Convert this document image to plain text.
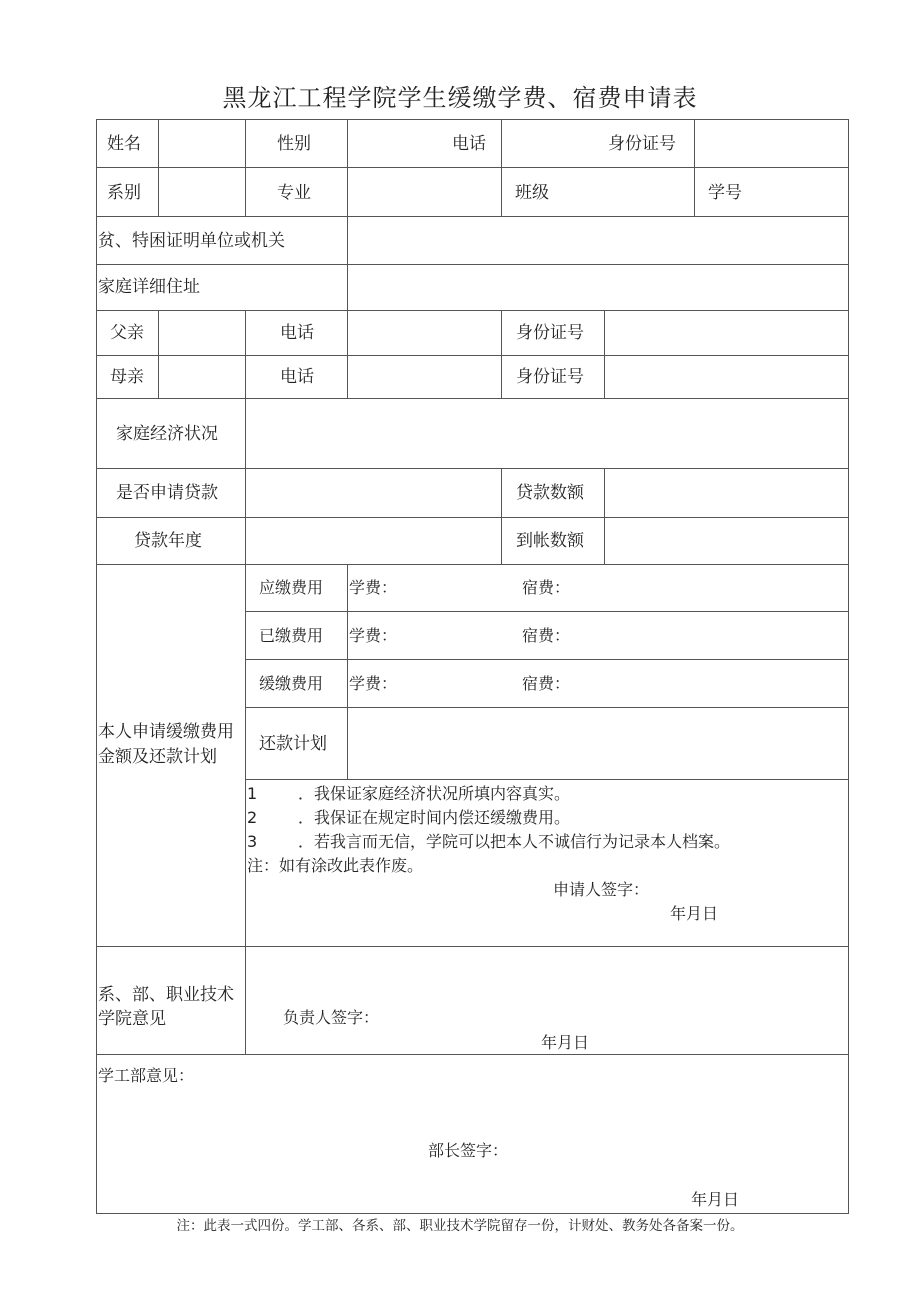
黑龙江工程学院学生缓缴学费、宿费申请表
姓名	性别	电话	身份证号
系别	专业	班级	学号
贫、特困证明单位或机关
家庭详细住址
父亲	电话	身份证号
母亲	电话	身份证号
家庭经济状况
是否申请贷款	贷款数额
贷款年度	到帐数额
本人申请缓缴费用金额及还款计划
应缴费用 学费：	宿费：
已缴费用 学费：	宿费：
缓缴费用 学费：	宿费：
还款计划
1	．我保证家庭经济状况所填内容真实。
2	．我保证在规定时间内偿还缓缴费用。
3	．若我言而无信，学院可以把本人不诚信行为记录本人档案。
注：如有涂改此表作废。
申请人签字：
年月日
系、部、职业技术学院意见	负责人签字：
年月日
学工部意见：
部长签字：
年月日
注：此表一式四份。学工部、各系、部、职业技术学院留存一份，计财处、教务处各备案一份。
